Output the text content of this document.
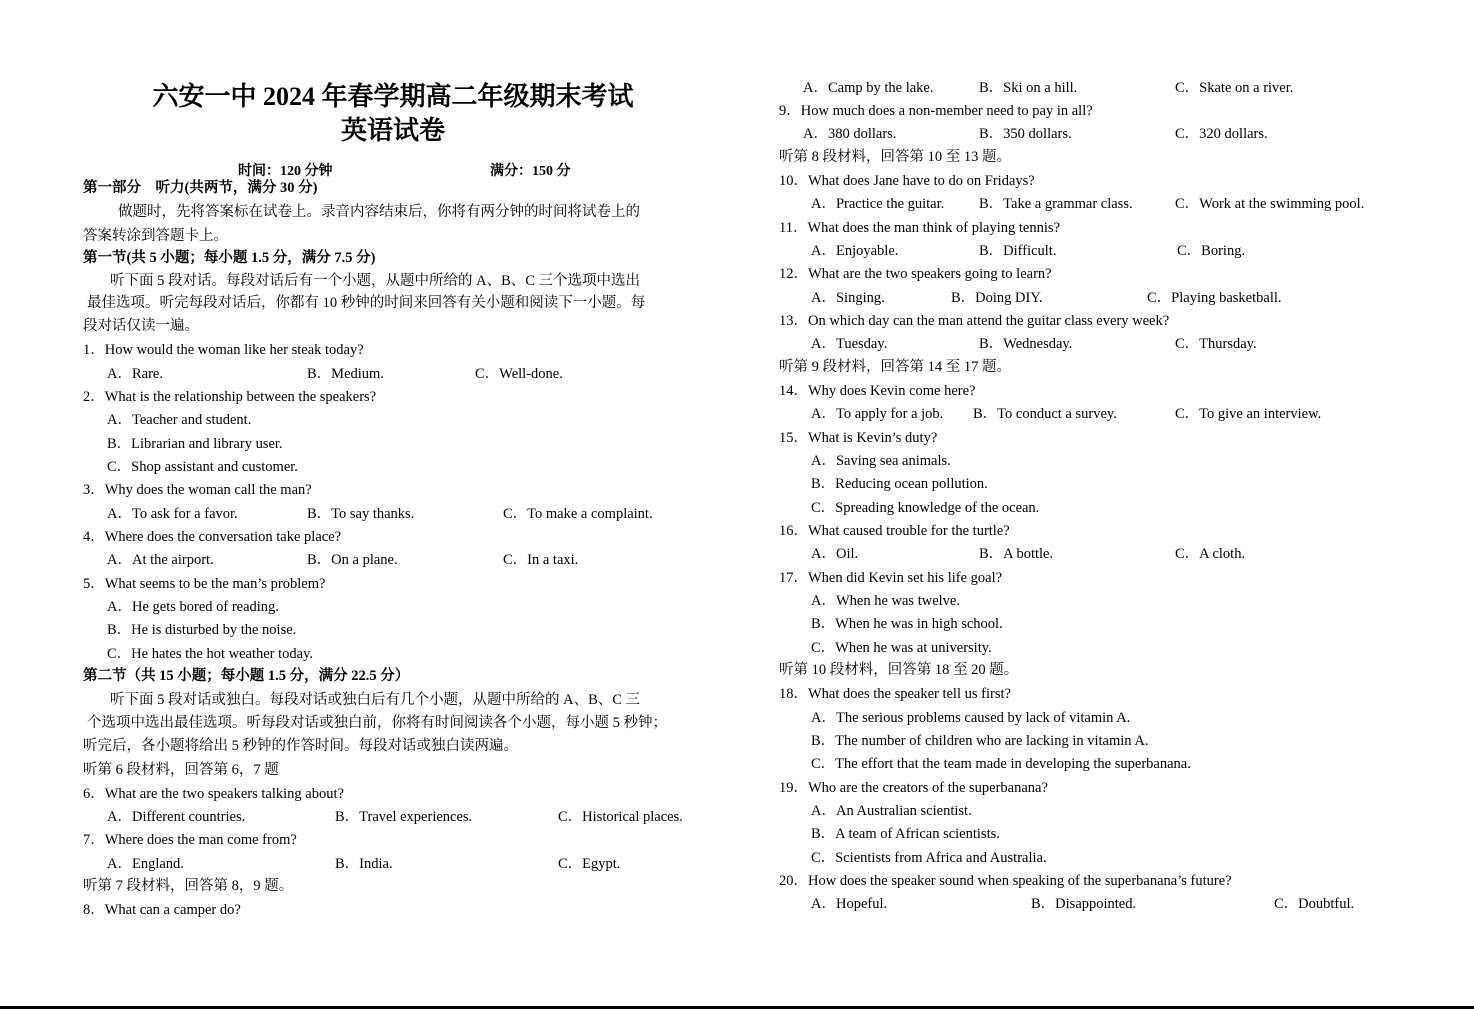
六安一中 2024 年春学期高二年级期末考试
英语试卷
时间：120 分钟	满分：150 分
第一部分　听力(共两节，满分 30 分)
做题时，先将答案标在试卷上。录音内容结束后，你将有两分钟的时间将试卷上的
答案转涂到答题卡上。
第一节(共 5 小题；每小题 1.5 分，满分 7.5 分)
听下面 5 段对话。每段对话后有一个小题，从题中所给的 A、B、C 三个选项中选出
最佳选项。听完每段对话后，你都有 10 秒钟的时间来回答有关小题和阅读下一小题。每
段对话仅读一遍。
1．How would the woman like her steak today?
A．Rare.	B．Medium.	C．Well-done.
2．What is the relationship between the speakers?
A．Teacher and student.
B．Librarian and library user.
C．Shop assistant and customer.
3．Why does the woman call the man?
A．To ask for a favor.	B．To say thanks.	C．To make a complaint.
4．Where does the conversation take place?
A．At the airport.	B．On a plane.	C．In a taxi.
5．What seems to be the man’s problem?
A．He gets bored of reading.
B．He is disturbed by the noise.
C．He hates the hot weather today.
第二节（共 15 小题；每小题 1.5 分，满分 22.5 分）
听下面 5 段对话或独白。每段对话或独白后有几个小题，从题中所给的 A、B、C 三
个选项中选出最佳选项。听每段对话或独白前，你将有时间阅读各个小题，每小题 5 秒钟；
听完后，各小题将给出 5 秒钟的作答时间。每段对话或独白读两遍。
听第 6 段材料，回答第 6，7 题
6．What are the two speakers talking about?
A．Different countries.	B．Travel experiences.	C．Historical places.
7．Where does the man come from?
A．England.	B．India.	C．Egypt.
听第 7 段材料，回答第 8，9 题。
8．What can a camper do?
A．Camp by the lake.	B．Ski on a hill.	C．Skate on a river.
9．How much does a non-member need to pay in all?
A．380 dollars.	B．350 dollars.	C．320 dollars.
听第 8 段材料，回答第 10 至 13 题。
10．What does Jane have to do on Fridays?
A．Practice the guitar. B．Take a grammar class.	C．Work at the swimming pool.
11．What does the man think of playing tennis?
A．Enjoyable.	B．Difficult.	C．Boring.
12．What are the two speakers going to learn?
A．Singing.	B．Doing DIY.	C．Playing basketball.
13．On which day can the man attend the guitar class every week?
A．Tuesday.	B．Wednesday.	C．Thursday.
听第 9 段材料，回答第 14 至 17 题。
14．Why does Kevin come here?
A．To apply for a job. B．To conduct a survey.	C．To give an interview.
15．What is Kevin’s duty?
A．Saving sea animals.
B．Reducing ocean pollution.
C．Spreading knowledge of the ocean.
16．What caused trouble for the turtle?
A．Oil.	B．A bottle.	C．A cloth.
17．When did Kevin set his life goal?
A．When he was twelve.
B．When he was in high school.
C．When he was at university.
听第 10 段材料，回答第 18 至 20 题。
18．What does the speaker tell us first?
A．The serious problems caused by lack of vitamin A.
B．The number of children who are lacking in vitamin A.
C．The effort that the team made in developing the superbanana.
19．Who are the creators of the superbanana?
A．An Australian scientist.
B．A team of African scientists.
C．Scientists from Africa and Australia.
20．How does the speaker sound when speaking of the superbanana’s future?
A．Hopeful.	B．Disappointed.	C．Doubtful.
